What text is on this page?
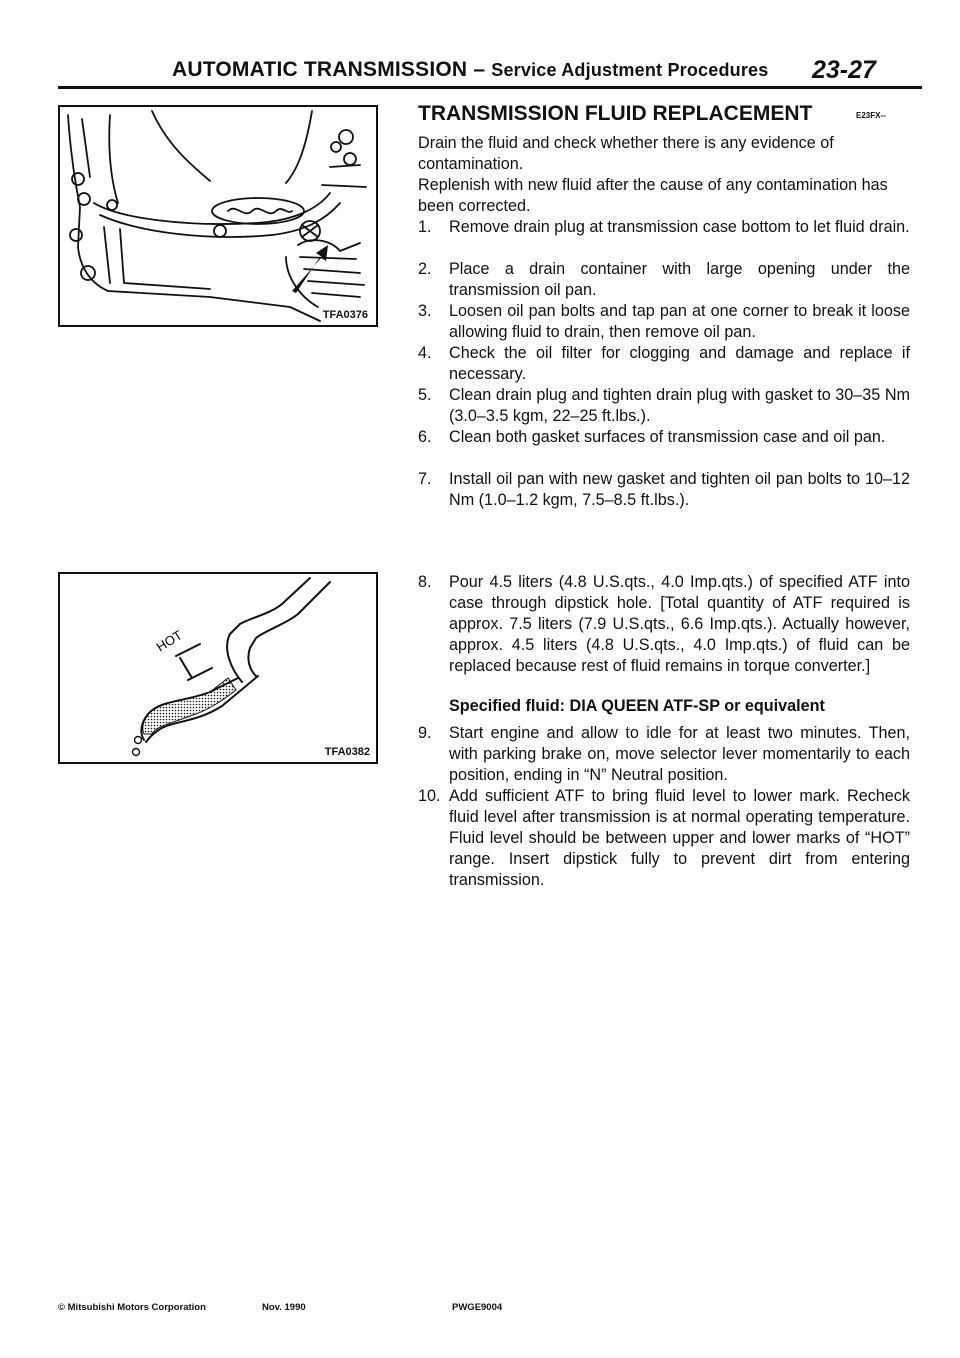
AUTOMATIC TRANSMISSION – Service Adjustment Procedures 23-27
TFA0376
HOT
TFA0382
TRANSMISSION FLUID REPLACEMENT	E23FX--
Drain the fluid and check whether there is any evidence of contamination.
Replenish with new fluid after the cause of any contamination has been corrected.
1. Remove drain plug at transmission case bottom to let fluid drain.
2. Place a drain container with large opening under the transmission oil pan.
3. Loosen oil pan bolts and tap pan at one corner to break it loose allowing fluid to drain, then remove oil pan.
4. Check the oil filter for clogging and damage and replace if necessary.
5. Clean drain plug and tighten drain plug with gasket to 30–35 Nm (3.0–3.5 kgm, 22–25 ft.lbs.).
6. Clean both gasket surfaces of transmission case and oil pan.
7. Install oil pan with new gasket and tighten oil pan bolts to 10–12 Nm (1.0–1.2 kgm, 7.5–8.5 ft.lbs.).
8. Pour 4.5 liters (4.8 U.S.qts., 4.0 Imp.qts.) of specified ATF into case through dipstick hole. [Total quantity of ATF required is approx. 7.5 liters (7.9 U.S.qts., 6.6 Imp.qts.). Actually however, approx. 4.5 liters (4.8 U.S.qts., 4.0 Imp.qts.) of fluid can be replaced because rest of fluid remains in torque converter.]
Specified fluid: DIA QUEEN ATF-SP or equivalent
9. Start engine and allow to idle for at least two minutes. Then, with parking brake on, move selector lever momentarily to each position, ending in “N” Neutral position.
10. Add sufficient ATF to bring fluid level to lower mark. Recheck fluid level after transmission is at normal operating temperature. Fluid level should be between upper and lower marks of “HOT” range. Insert dipstick fully to prevent dirt from entering transmission.
© Mitsubishi Motors Corporation	Nov. 1990	PWGE9004
